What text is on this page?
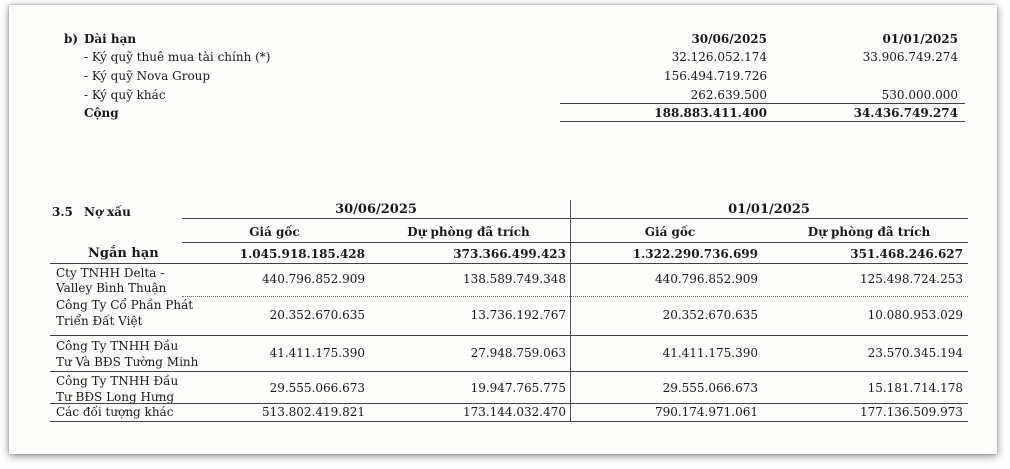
b) Dài hạn	30/06/2025	01/01/2025
- Ký quỹ thuê mua tài chính (*)	32.126.052.174	33.906.749.274
- Ký quỹ Nova Group	156.494.719.726
- Ký quỹ khác	262.639.500	530.000.000
Cộng	188.883.411.400	34.436.749.274
3.5 Nợ xấu	30/06/2025	01/01/2025
Giá gốc	Dự phòng đã trích	Giá gốc	Dự phòng đã trích
Ngắn hạn	1.045.918.185.428	373.366.499.423	1.322.290.736.699	351.468.246.627
Cty TNHH Delta -
Valley Bình Thuận
440.796.852.909	138.589.749.348	440.796.852.909	125.498.724.253
Công Ty Cổ Phần Phát
Triển Đất Việt	20.352.670.635	13.736.192.767	20.352.670.635	10.080.953.029
Công Ty TNHH Đầu
Tư Và BĐS Tường Minh
41.411.175.390	27.948.759.063	41.411.175.390	23.570.345.194
Công Ty TNHH Đầu
Tư BĐS Long Hưng
29.555.066.673	19.947.765.775	29.555.066.673	15.181.714.178
Các đối tượng khác	513.802.419.821	173.144.032.470	790.174.971.061	177.136.509.973
